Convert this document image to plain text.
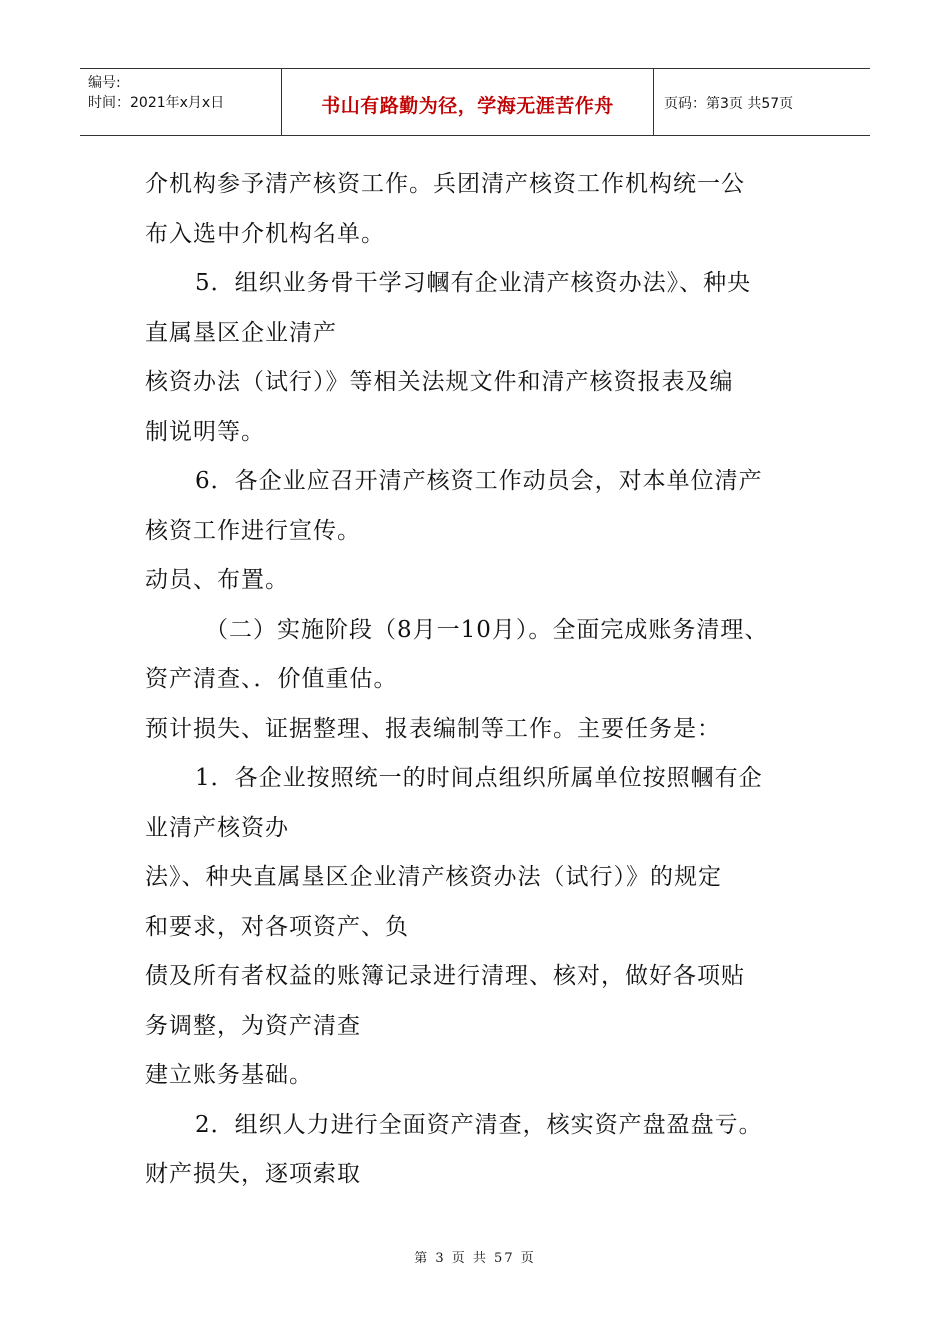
编号:
时间：2021年x月x日	书山有路勤为径，学海无涯苦作舟	页码：第3页 共57页
介机构参予清产核资工作。兵团清产核资工作机构统一公
布入选中介机构名单。
5．组织业务骨干学习幗有企业清产核资办法》、种央
直属垦区企业清产
核资办法（试行）》等相关法规文件和清产核资报表及编
制说明等。
6．各企业应召开清产核资工作动员会，对本单位清产
核资工作进行宣传。
动员、布置。
（二）实施阶段（8月一10月）。全面完成账务清理、
资产清查、．价值重估。
预计损失、证据整理、报表编制等工作。主要任务是：
1．各企业按照统一的时间点组织所属单位按照幗有企
业清产核资办
法》、种央直属垦区企业清产核资办法（试行）》的规定
和要求，对各项资产、负
债及所有者权益的账簿记录进行清理、核对，做好各项贴
务调整，为资产清查
建立账务基础。
2．组织人力进行全面资产清查，核实资产盘盈盘亏。
财产损失，逐项索取
第 3 页 共 57 页
